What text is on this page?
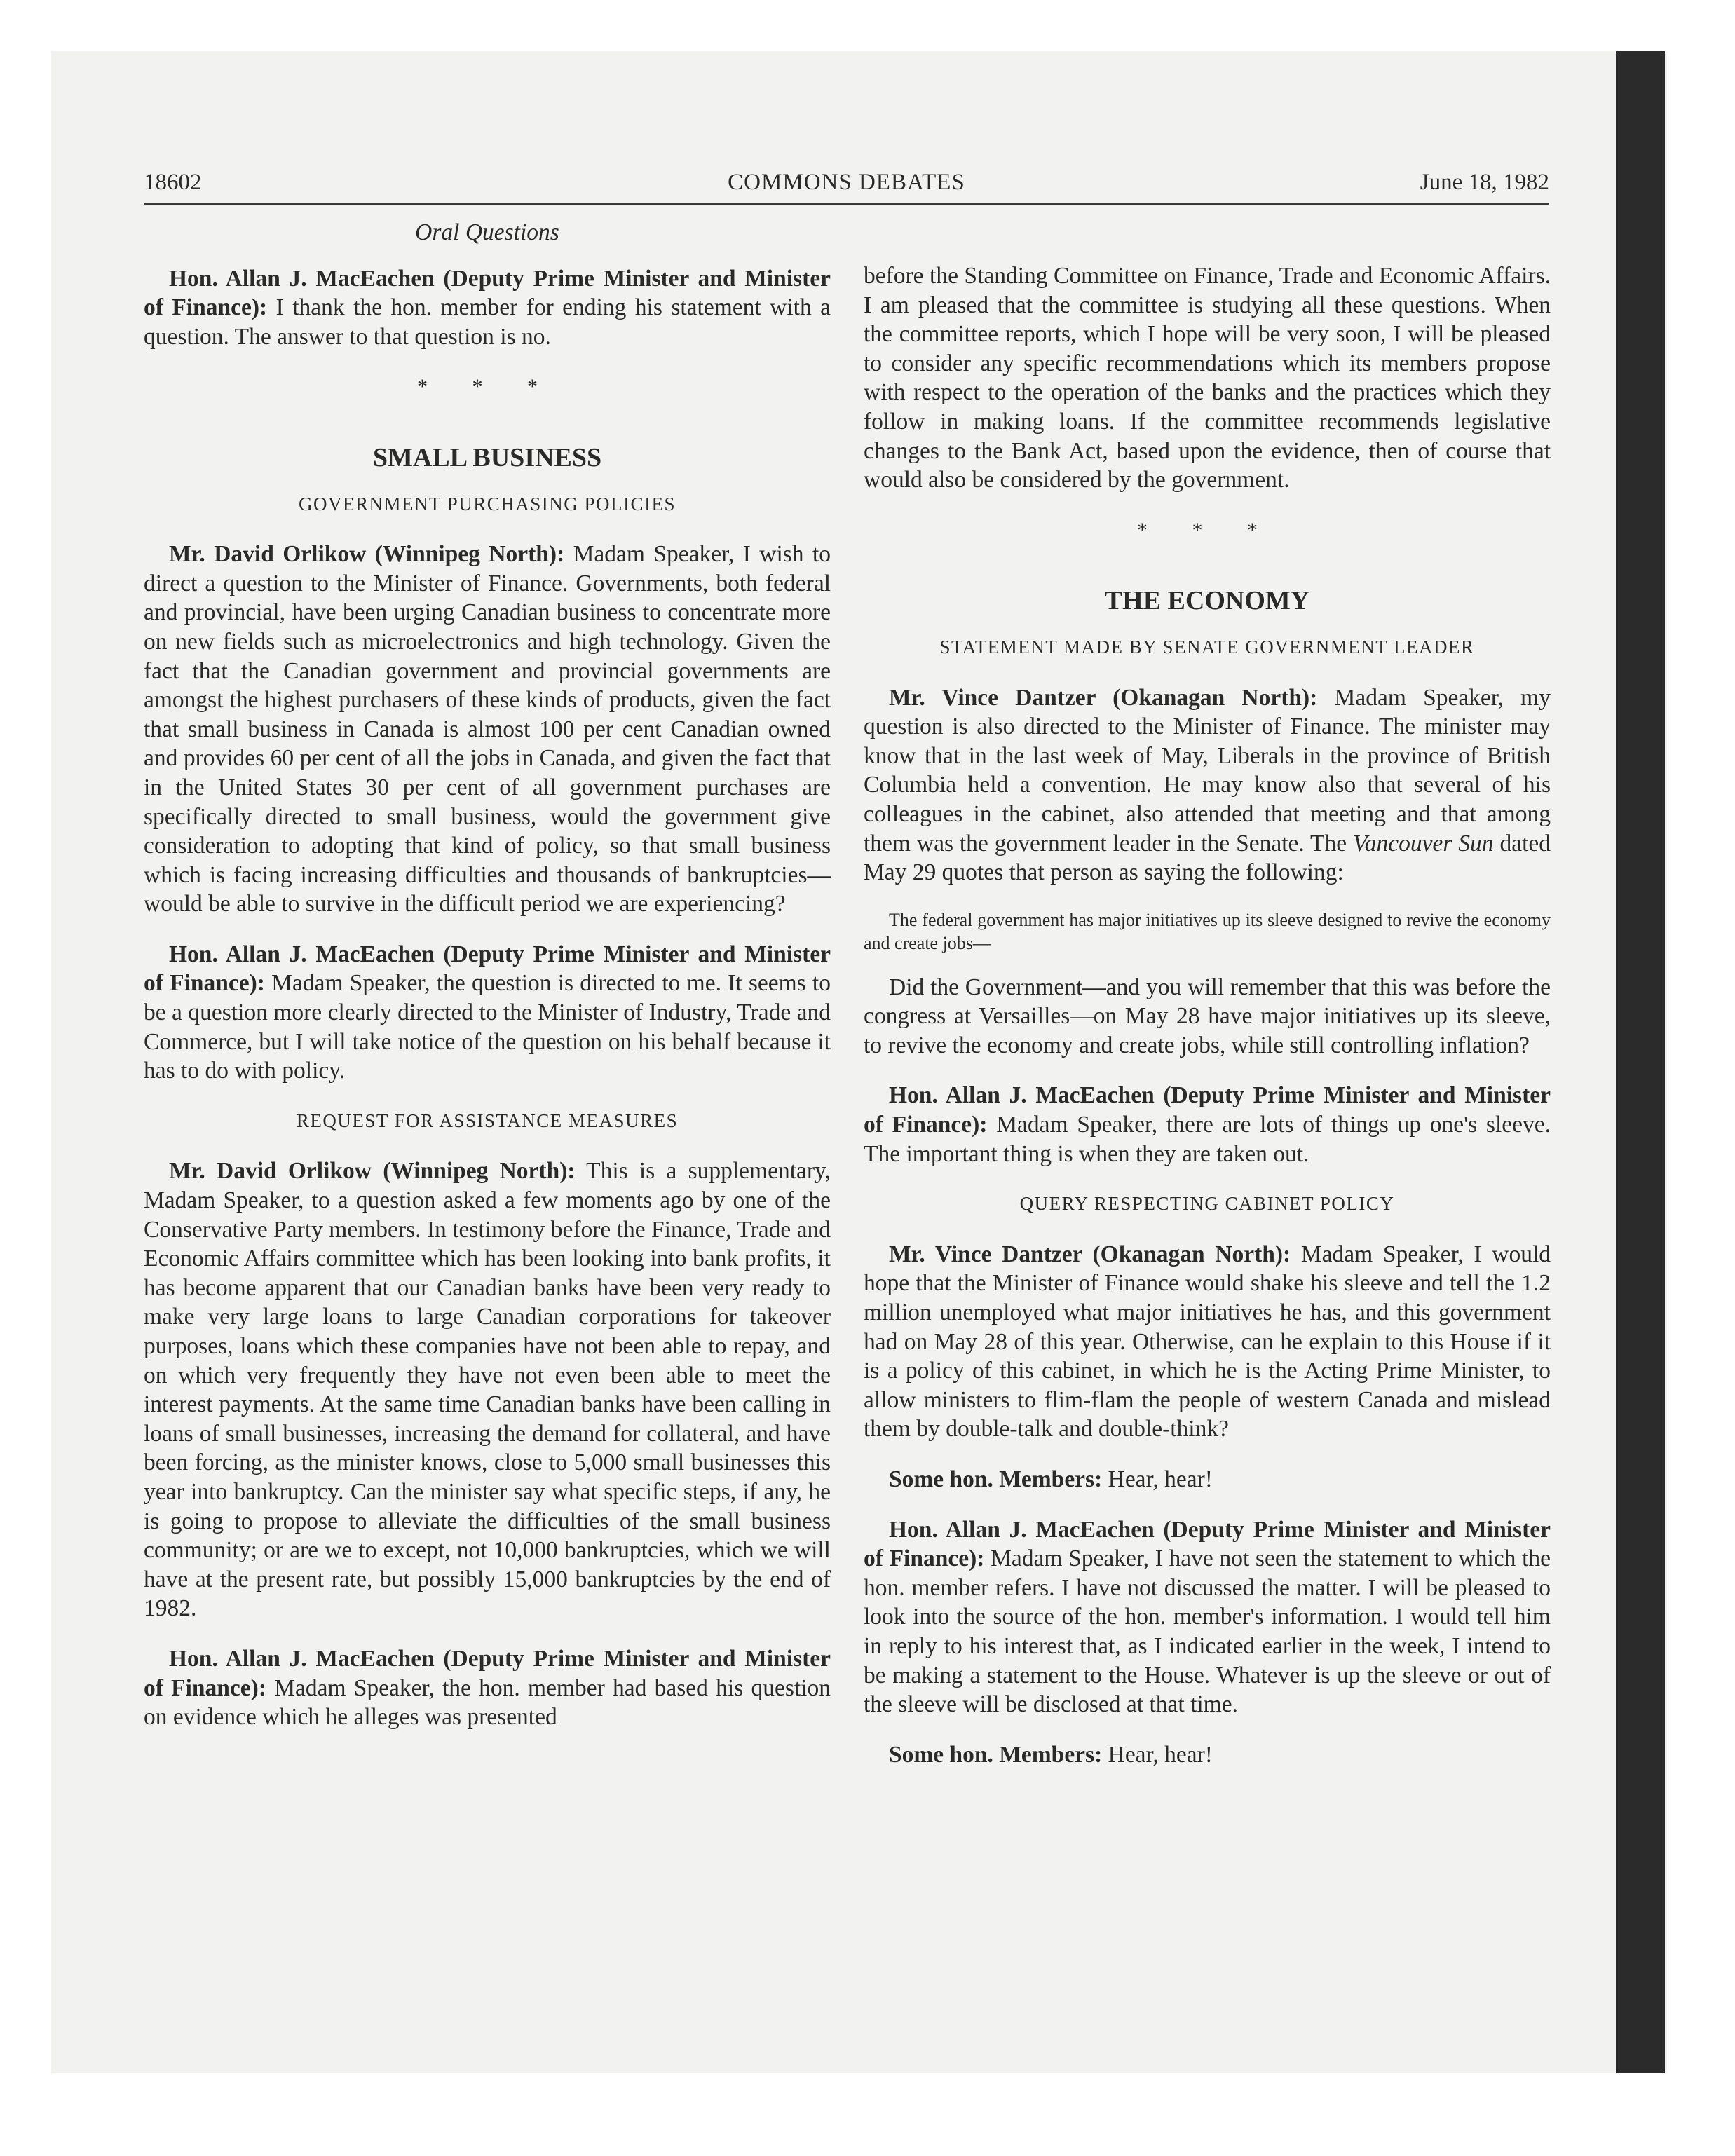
18602	COMMONS DEBATES	June 18, 1982
Oral Questions

Hon. Allan J. MacEachen (Deputy Prime Minister and Minister of Finance): I thank the hon. member for ending his statement with a question. The answer to that question is no.

* * *
SMALL BUSINESS
GOVERNMENT PURCHASING POLICIES

Mr. David Orlikow (Winnipeg North): Madam Speaker, I wish to direct a question to the Minister of Finance. Governments, both federal and provincial, have been urging Canadian business to concentrate more on new fields such as microelectronics and high technology. Given the fact that the Canadian government and provincial governments are amongst the highest purchasers of these kinds of products, given the fact that small business in Canada is almost 100 per cent Canadian owned and provides 60 per cent of all the jobs in Canada, and given the fact that in the United States 30 per cent of all government purchases are specifically directed to small business, would the government give consideration to adopting that kind of policy, so that small business which is facing increasing difficulties and thousands of bankruptcies— would be able to survive in the difficult period we are experiencing?

Hon. Allan J. MacEachen (Deputy Prime Minister and Minister of Finance): Madam Speaker, the question is directed to me. It seems to be a question more clearly directed to the Minister of Industry, Trade and Commerce, but I will take notice of the question on his behalf because it has to do with policy.

REQUEST FOR ASSISTANCE MEASURES

Mr. David Orlikow (Winnipeg North): This is a supplementary, Madam Speaker, to a question asked a few moments ago by one of the Conservative Party members. In testimony before the Finance, Trade and Economic Affairs committee which has been looking into bank profits, it has become apparent that our Canadian banks have been very ready to make very large loans to large Canadian corporations for takeover purposes, loans which these companies have not been able to repay, and on which very frequently they have not even been able to meet the interest payments. At the same time Canadian banks have been calling in loans of small businesses, increasing the demand for collateral, and have been forcing, as the minister knows, close to 5,000 small businesses this year into bankruptcy. Can the minister say what specific steps, if any, he is going to propose to alleviate the difficulties of the small business community; or are we to except, not 10,000 bankruptcies, which we will have at the present rate, but possibly 15,000 bankruptcies by the end of 1982.

Hon. Allan J. MacEachen (Deputy Prime Minister and Minister of Finance): Madam Speaker, the hon. member had based his question on evidence which he alleges was presented

before the Standing Committee on Finance, Trade and Economic Affairs. I am pleased that the committee is studying all these questions. When the committee reports, which I hope will be very soon, I will be pleased to consider any specific recommendations which its members propose with respect to the operation of the banks and the practices which they follow in making loans. If the committee recommends legislative changes to the Bank Act, based upon the evidence, then of course that would also be considered by the government.

* * *
THE ECONOMY
STATEMENT MADE BY SENATE GOVERNMENT LEADER

Mr. Vince Dantzer (Okanagan North): Madam Speaker, my question is also directed to the Minister of Finance. The minister may know that in the last week of May, Liberals in the province of British Columbia held a convention. He may know also that several of his colleagues in the cabinet, also attended that meeting and that among them was the government leader in the Senate. The Vancouver Sun dated May 29 quotes that person as saying the following:

The federal government has major initiatives up its sleeve designed to revive the economy and create jobs—

Did the Government—and you will remember that this was before the congress at Versailles—on May 28 have major initiatives up its sleeve, to revive the economy and create jobs, while still controlling inflation?

Hon. Allan J. MacEachen (Deputy Prime Minister and Minister of Finance): Madam Speaker, there are lots of things up one's sleeve. The important thing is when they are taken out.

QUERY RESPECTING CABINET POLICY

Mr. Vince Dantzer (Okanagan North): Madam Speaker, I would hope that the Minister of Finance would shake his sleeve and tell the 1.2 million unemployed what major initiatives he has, and this government had on May 28 of this year. Otherwise, can he explain to this House if it is a policy of this cabinet, in which he is the Acting Prime Minister, to allow ministers to flim-flam the people of western Canada and mislead them by double-talk and double-think?

Some hon. Members: Hear, hear!

Hon. Allan J. MacEachen (Deputy Prime Minister and Minister of Finance): Madam Speaker, I have not seen the statement to which the hon. member refers. I have not discussed the matter. I will be pleased to look into the source of the hon. member's information. I would tell him in reply to his interest that, as I indicated earlier in the week, I intend to be making a statement to the House. Whatever is up the sleeve or out of the sleeve will be disclosed at that time.

Some hon. Members: Hear, hear!
